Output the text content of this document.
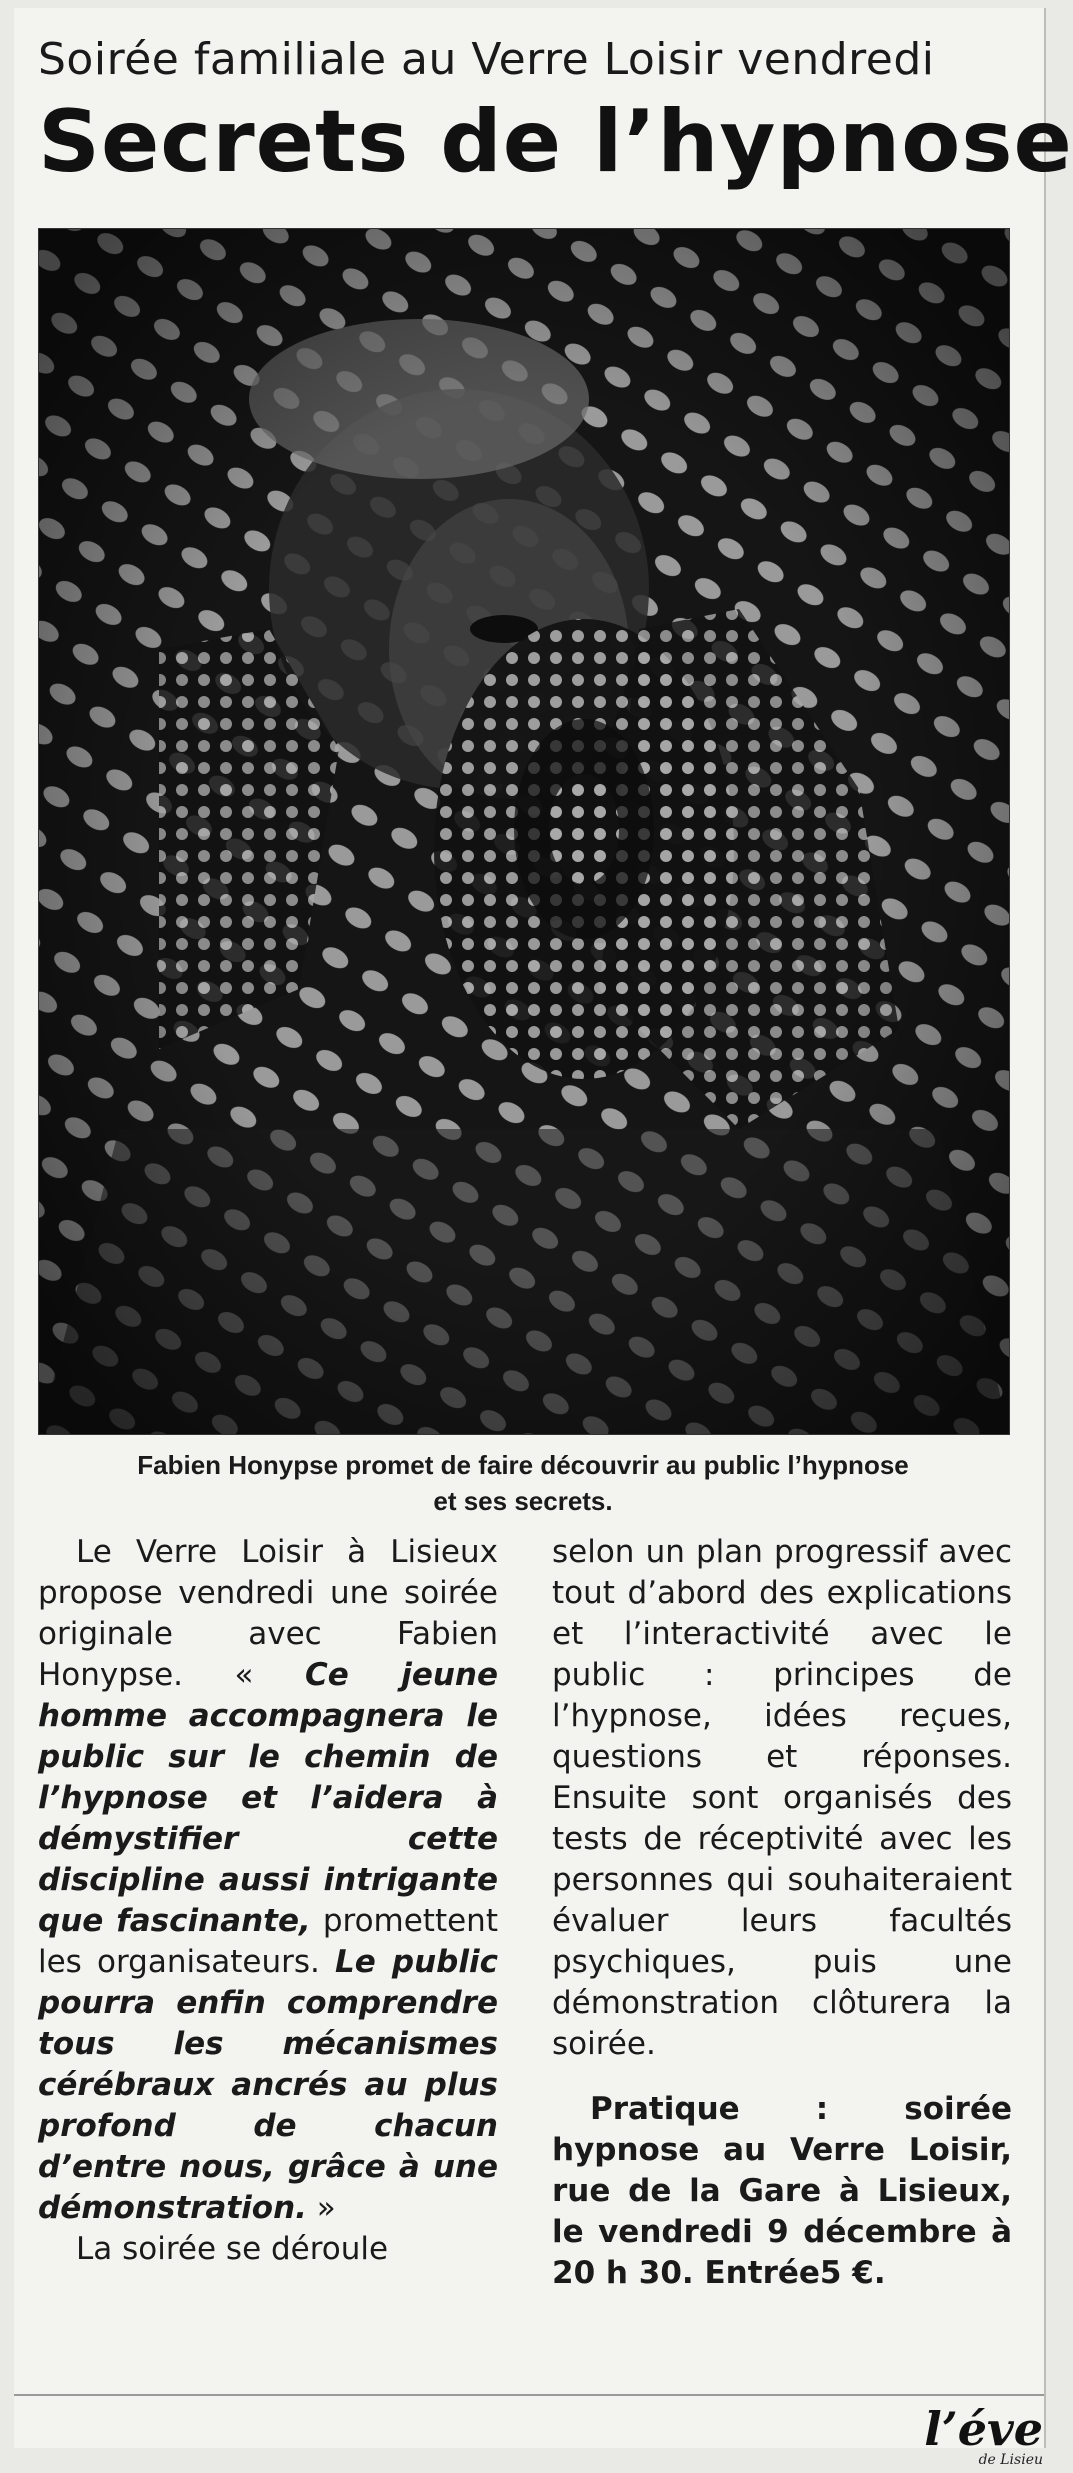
Soirée familiale au Verre Loisir vendredi
Secrets de l’hypnose
Fabien Honypse promet de faire découvrir au public l’hypnose
et ses secrets.

Le Verre Loisir à Lisieux propose vendredi une soirée originale avec Fabien Honypse. « Ce jeune homme accompagnera le public sur le chemin de l’hypnose et l’aidera à démystifier cette discipline aussi intrigante que fascinante, promettent les organisateurs. Le public pourra enfin comprendre tous les mécanismes cérébraux ancrés au plus profond de chacun d’entre nous, grâce à une démonstration. »

La soirée se déroule

selon un plan progressif avec tout d’abord des explications et l’interactivité avec le public : principes de l’hypnose, idées reçues, questions et réponses. Ensuite sont organisés des tests de réceptivité avec les personnes qui souhaiteraient évaluer leurs facultés psychiques, puis une démonstration clôturera la soirée.

Pratique : soirée hypnose au Verre Loisir, rue de la Gare à Lisieux, le vendredi 9 décembre à 20 h 30. Entrée5 €.

l’éve
de Lisieu
